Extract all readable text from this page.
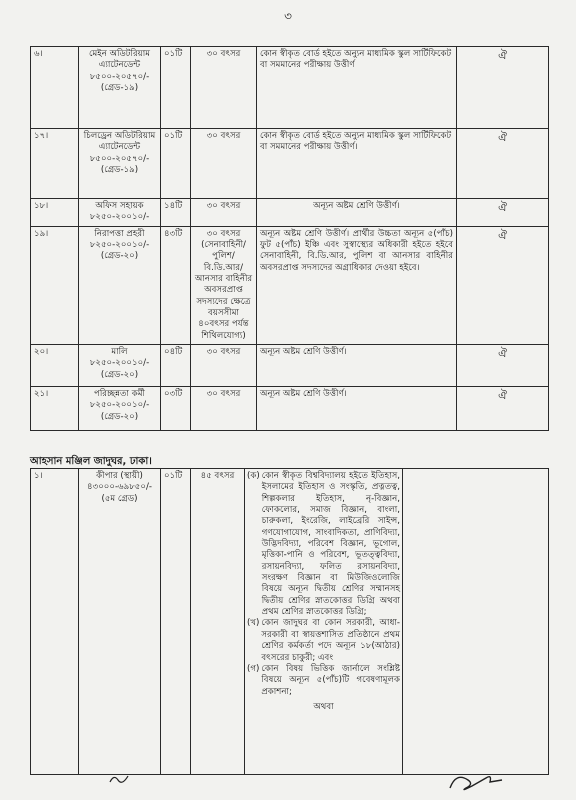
৩
৬।	মেইন অডিটরিয়াম এ্যাটেনডেন্ট ৮৫০০-২০৫৭০/- (গ্রেড-১৯)	০১টি	৩০ বৎসর	কোন স্বীকৃত বোর্ড হইতে অন্যুন মাধ্যমিক স্কুল সার্টিফিকেট বা সমমানের পরীক্ষায় উত্তীর্ণ	ঐ
১৭।	চিলড্রেন অডিটরিয়াম এ্যাটেনডেন্ট ৮৫০০-২০৫৭০/- (গ্রেড-১৯)	০১টি	৩০ বৎসর	কোন স্বীকৃত বোর্ড হইতে অন্যুন মাধ্যমিক স্কুল সার্টিফিকেট বা সমমানের পরীক্ষায় উত্তীর্ণ।	ঐ
১৮।	অফিস সহায়ক ৮২৫০-২০০১০/-	১৪টি	৩০ বৎসর	অন্যূন অষ্টম শ্রেণি উত্তীর্ণ।	ঐ
১৯।	নিরাপত্তা প্রহরী ৮২৫০-২০০১০/- (গ্রেড-২০)	৪৩টি	৩০ বৎসর (সেনাবাহিনী/পুলিশ/বি.ডি.আর/আনসার বাহিনীর অবসরপ্রাপ্ত সদস্যদের ক্ষেত্রে বয়সসীমা ৪০বৎসর পর্যন্ত শিথিলযোগ্য)	অন্যূন অষ্টম শ্রেণি উত্তীর্ণ। প্রার্থীর উচ্চতা অন্যূন ৫(পাঁচ) ফুট ৫(পাঁচ) ইঞ্চি এবং সুস্বাস্থ্যের অধিকারী হইতে হইবে সেনাবাহিনী, বি.ডি.আর, পুলিশ বা আনসার বাহিনীর অবসরপ্রাপ্ত সদস্যদের অগ্রাধিকার দেওয়া হইবে।	ঐ
২০।	মালি ৮২৫০-২০০১০/- (গ্রেড-২০)	০৪টি	৩০ বৎসর	অন্যূন অষ্টম শ্রেণি উত্তীর্ণ।	ঐ
২১।	পরিচ্ছন্নতা কর্মী ৮২৫০-২০০১০/- (গ্রেড-২০)	০৩টি	৩০ বৎসর	অন্যূন অষ্টম শ্রেণি উত্তীর্ণ।	ঐ
আহসান মঞ্জিল জাদুঘর, ঢাকা।
১।	কীপার (স্থায়ী) ৪৩০০০-৬৯৮৫০/- (৫ম গ্রেড)	০১টি	৪৫ বৎসর	(ক) কোন স্বীকৃত বিশ্ববিদ্যালয় হইতে ইতিহাস, ইসলামের ইতিহাস ও সংস্কৃতি, প্রত্নতত্ব, শিল্পকলার ইতিহাস, নৃ-বিজ্ঞান, ফোকলোর, সমাজ বিজ্ঞান, বাংলা, চারুকলা, ইংরেজি, লাইব্রেরি সাইন্স, গণযোগাযোগ, সাংবাদিকতা, প্রাণিবিদ্যা, উদ্ভিদবিদ্যা, পরিবেশ বিজ্ঞান, ভূগোল, মৃত্তিকা-পানি ও পরিবেশ, ভূতত্ত্ববিদ্যা, রসায়নবিদ্যা, ফলিত রসায়নবিদ্যা, সংরক্ষণ বিজ্ঞান বা মিউজিওলোজি বিষয়ে অন্যূন দ্বিতীয় শ্রেণির সম্মানসহ দ্বিতীয় শ্রেণির স্নাতকোত্তর ডিগ্রি অথবা প্রথম শ্রেণির স্নাতকোত্তর ডিগ্রি;
(খ) কোন জাদুঘর বা কোন সরকারী, আধা-সরকারী বা স্বায়ত্তশাসিত প্রতিষ্ঠানে প্রথম শ্রেণির কর্মকর্তা পদে অন্যূন ১৮(আঠার) বৎসরের চাকুরী; এবং
(গ) কোন বিষয় ভিত্তিক জার্নালে সংশ্লিষ্ট বিষয়ে অন্যূন ৫(পাঁচ)টি গবেষণামূলক প্রকাশনা;
অথবা
